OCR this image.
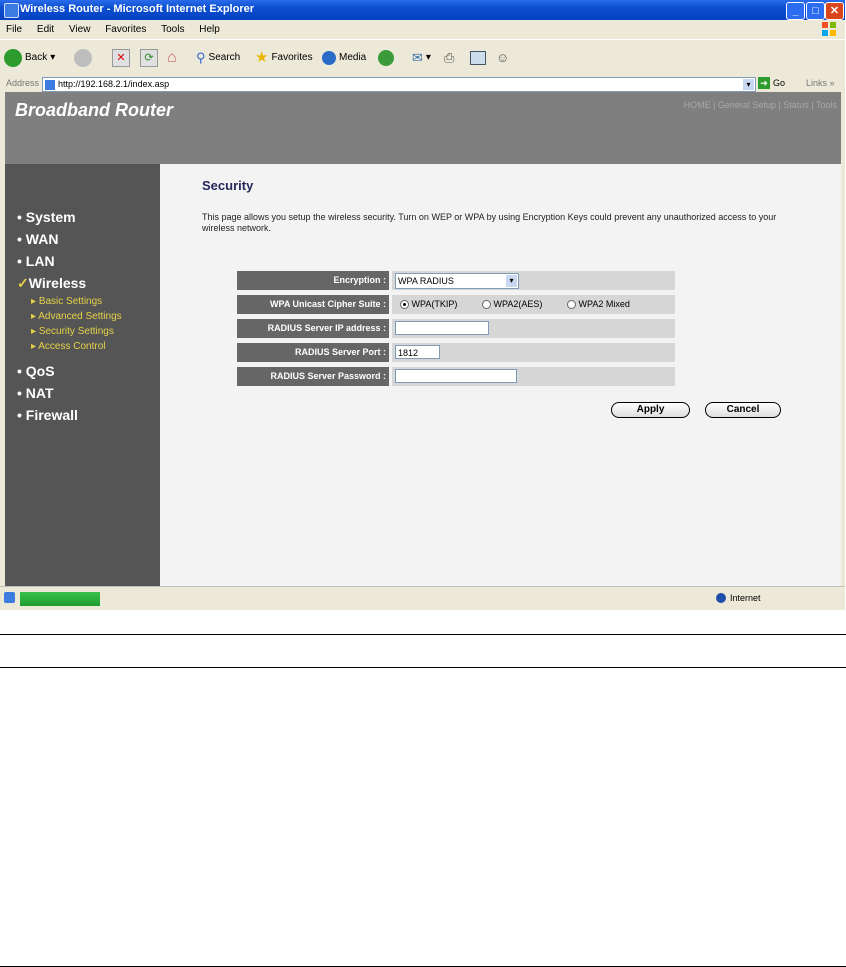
Wireless Router - Microsoft Internet Explorer	_	□	✕
File Edit View Favorites Tools Help
Back ▾	✕	⟳ ⌂ ⚲ Search ★ Favorites	Media	✉ ▾ ⎙	☺
Address	http://192.168.2.1/index.asp	▾	➔ Go Links »
Broadband Router	HOME | General Setup | Status | Tools
• System
• WAN
• LAN
✓Wireless
▸ Basic Settings
▸ Advanced Settings
▸ Security Settings
▸ Access Control
• QoS
• NAT
• Firewall
Security
This page allows you setup the wireless security. Turn on WEP or WPA by using Encryption Keys could prevent any unauthorized access to your wireless network.
Encryption :	WPA RADIUS	▾
WPA Unicast Cipher Suite :	WPA(TKIP)	WPA2(AES)	WPA2 Mixed
RADIUS Server IP address :
RADIUS Server Port :	1812
RADIUS Server Password :
Apply	Cancel
Internet
